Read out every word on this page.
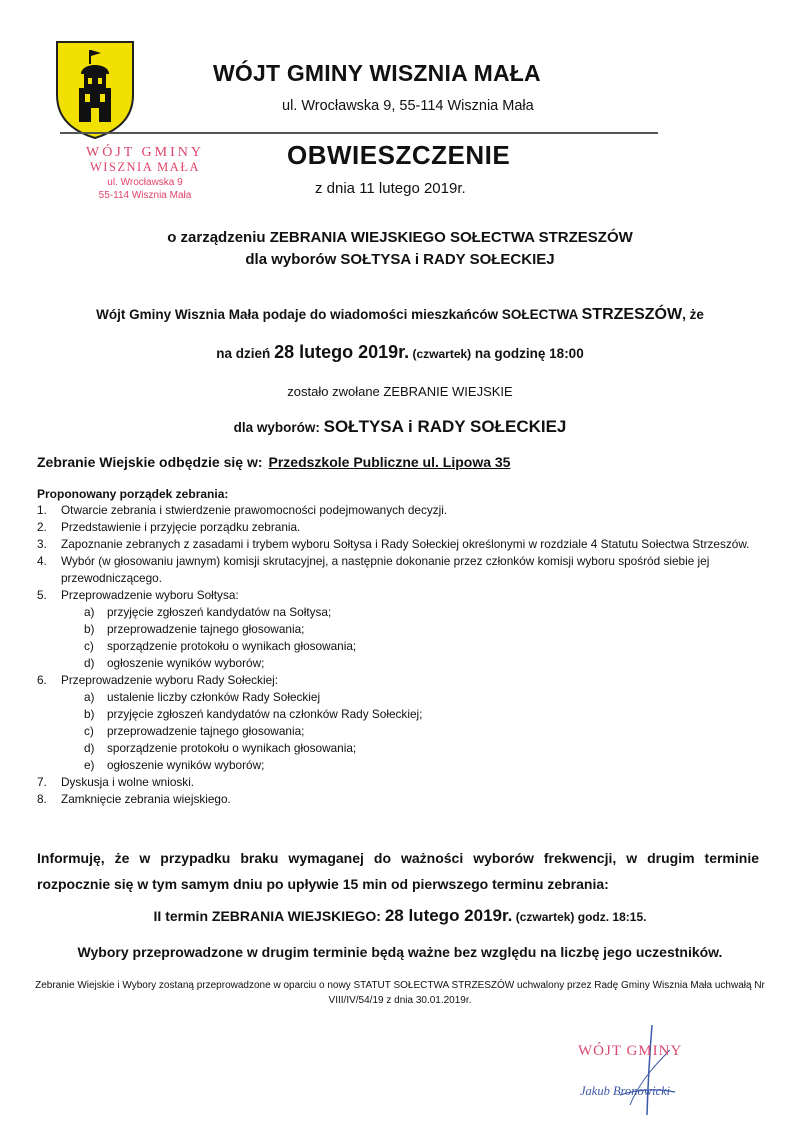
WÓJT GMINY WISZNIA MAŁA
ul. Wrocławska 9, 55-114 Wisznia Mała
WÓJT GMINY
WISZNIA MAŁA
ul. Wrocławska 9
55-114 Wisznia Mała
OBWIESZCZENIE
z dnia 11 lutego 2019r.
o zarządzeniu ZEBRANIA WIEJSKIEGO SOŁECTWA STRZESZÓW
dla wyborów SOŁTYSA i RADY SOŁECKIEJ
Wójt Gminy Wisznia Mała podaje do wiadomości mieszkańców SOŁECTWA STRZESZÓW, że
na dzień 28 lutego 2019r. (czwartek) na godzinę 18:00
zostało zwołane ZEBRANIE WIEJSKIE
dla wyborów: SOŁTYSA i RADY SOŁECKIEJ
Zebranie Wiejskie odbędzie się w: Przedszkole Publiczne ul. Lipowa 35
Proponowany porządek zebrania:
1. Otwarcie zebrania i stwierdzenie prawomocności podejmowanych decyzji.
2. Przedstawienie i przyjęcie porządku zebrania.
3. Zapoznanie zebranych z zasadami i trybem wyboru Sołtysa i Rady Sołeckiej określonymi w rozdziale 4 Statutu Sołectwa Strzeszów.
4. Wybór (w głosowaniu jawnym) komisji skrutacyjnej, a następnie dokonanie przez członków komisji wyboru spośród siebie jej przewodniczącego.
5. Przeprowadzenie wyboru Sołtysa:
a) przyjęcie zgłoszeń kandydatów na Sołtysa;
b) przeprowadzenie tajnego głosowania;
c) sporządzenie protokołu o wynikach głosowania;
d) ogłoszenie wyników wyborów;
6. Przeprowadzenie wyboru Rady Sołeckiej:
a) ustalenie liczby członków Rady Sołeckiej
b) przyjęcie zgłoszeń kandydatów na członków Rady Sołeckiej;
c) przeprowadzenie tajnego głosowania;
d) sporządzenie protokołu o wynikach głosowania;
e) ogłoszenie wyników wyborów;
7. Dyskusja i wolne wnioski.
8. Zamknięcie zebrania wiejskiego.
Informuję, że w przypadku braku wymaganej do ważności wyborów frekwencji, w drugim terminie rozpocznie się w tym samym dniu po upływie 15 min od pierwszego terminu zebrania:
II termin ZEBRANIA WIEJSKIEGO: 28 lutego 2019r. (czwartek) godz. 18:15.
Wybory przeprowadzone w drugim terminie będą ważne bez względu na liczbę jego uczestników.
Zebranie Wiejskie i Wybory zostaną przeprowadzone w oparciu o nowy STATUT SOŁECTWA STRZESZÓW uchwalony przez Radę Gminy Wisznia Mała uchwałą Nr VIII/IV/54/19 z dnia 30.01.2019r.
WÓJT GMINY
Jakub Bronowicki
